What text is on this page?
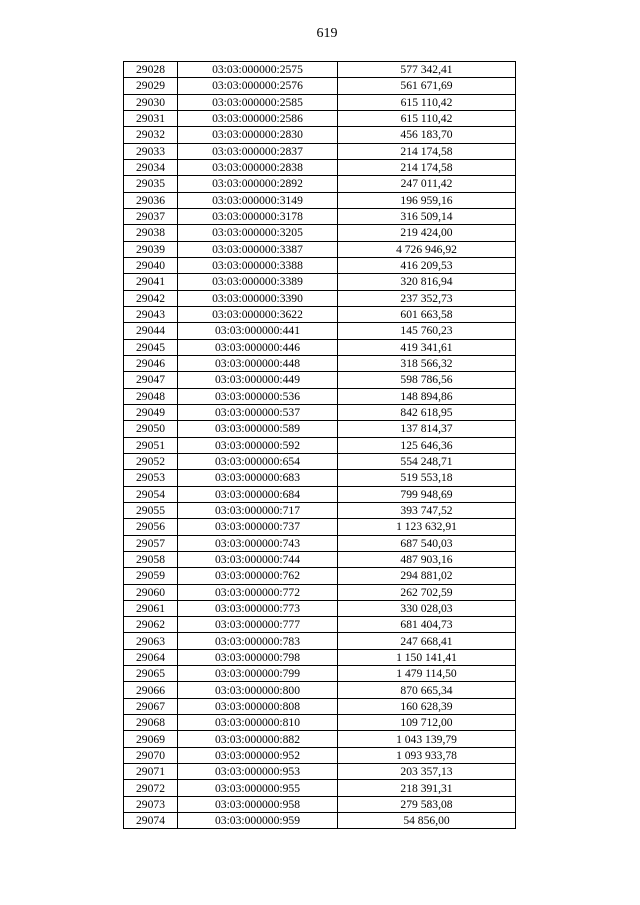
619
29028	03:03:000000:2575	577 342,41
29029	03:03:000000:2576	561 671,69
29030	03:03:000000:2585	615 110,42
29031	03:03:000000:2586	615 110,42
29032	03:03:000000:2830	456 183,70
29033	03:03:000000:2837	214 174,58
29034	03:03:000000:2838	214 174,58
29035	03:03:000000:2892	247 011,42
29036	03:03:000000:3149	196 959,16
29037	03:03:000000:3178	316 509,14
29038	03:03:000000:3205	219 424,00
29039	03:03:000000:3387	4 726 946,92
29040	03:03:000000:3388	416 209,53
29041	03:03:000000:3389	320 816,94
29042	03:03:000000:3390	237 352,73
29043	03:03:000000:3622	601 663,58
29044	03:03:000000:441	145 760,23
29045	03:03:000000:446	419 341,61
29046	03:03:000000:448	318 566,32
29047	03:03:000000:449	598 786,56
29048	03:03:000000:536	148 894,86
29049	03:03:000000:537	842 618,95
29050	03:03:000000:589	137 814,37
29051	03:03:000000:592	125 646,36
29052	03:03:000000:654	554 248,71
29053	03:03:000000:683	519 553,18
29054	03:03:000000:684	799 948,69
29055	03:03:000000:717	393 747,52
29056	03:03:000000:737	1 123 632,91
29057	03:03:000000:743	687 540,03
29058	03:03:000000:744	487 903,16
29059	03:03:000000:762	294 881,02
29060	03:03:000000:772	262 702,59
29061	03:03:000000:773	330 028,03
29062	03:03:000000:777	681 404,73
29063	03:03:000000:783	247 668,41
29064	03:03:000000:798	1 150 141,41
29065	03:03:000000:799	1 479 114,50
29066	03:03:000000:800	870 665,34
29067	03:03:000000:808	160 628,39
29068	03:03:000000:810	109 712,00
29069	03:03:000000:882	1 043 139,79
29070	03:03:000000:952	1 093 933,78
29071	03:03:000000:953	203 357,13
29072	03:03:000000:955	218 391,31
29073	03:03:000000:958	279 583,08
29074	03:03:000000:959	54 856,00
